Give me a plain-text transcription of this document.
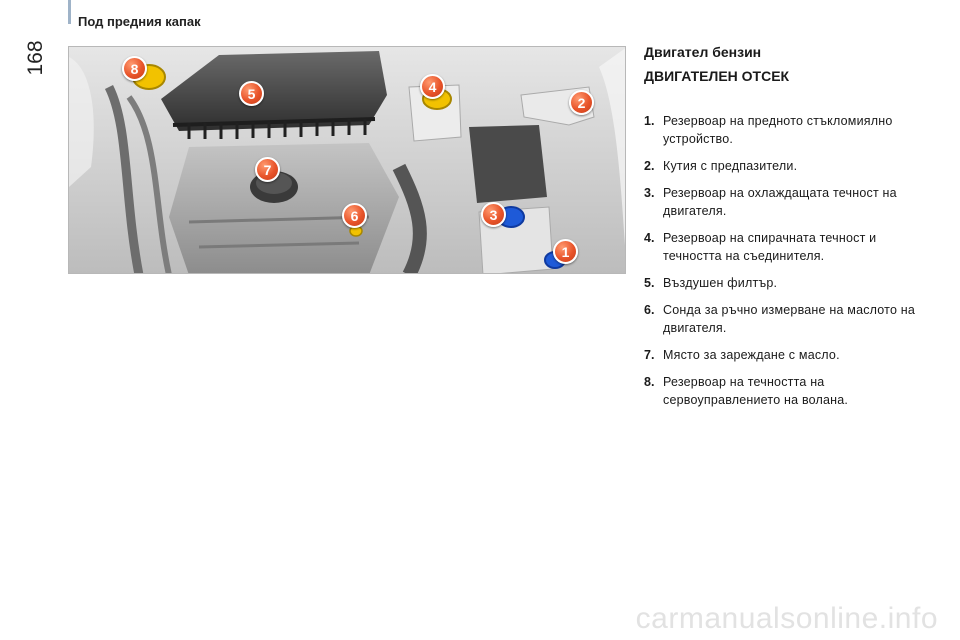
168
Под предния капак
8
5	4
2
7
6	3
1
Двигател бензин
ДВИГАТЕЛЕН ОТСЕК
1. Резервоар на предното стъкломиялно устройство.
2. Кутия с предпазители.
3. Резервоар на охлаждащата течност на двигателя.
4. Резервоар на спирачната течност и течността на съединителя.
5. Въздушен филтър.
6. Сонда за ръчно измерване на маслото на двигателя.
7. Място за зареждане с масло.
8. Резервоар на течността на сервоуправлението на волана.
carmanualsonline.info
